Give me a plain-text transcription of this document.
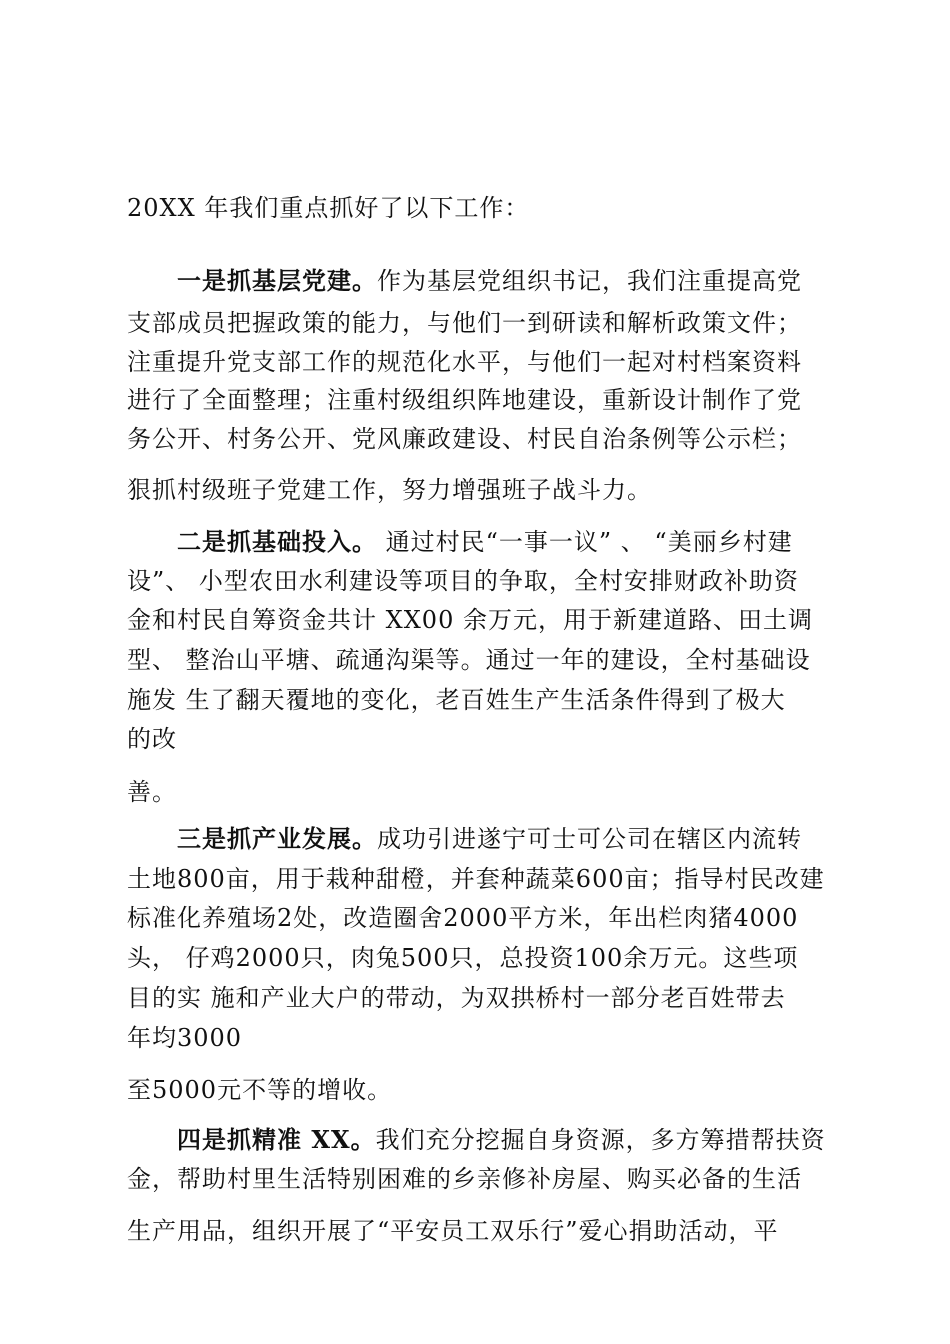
20XX 年我们重点抓好了以下工作：
一是抓基层党建。作为基层党组织书记，我们注重提高党
支部成员把握政策的能力，与他们一到研读和解析政策文件；
注重提升党支部工作的规范化水平，与他们一起对村档案资料
进行了全面整理；注重村级组织阵地建设，重新设计制作了党
务公开、村务公开、党风廉政建设、村民自治条例等公示栏；
狠抓村级班子党建工作，努力增强班子战斗力。
二是抓基础投入。 通过村民“一事一议” 、 “美丽乡村建
设”、 小型农田水利建设等项目的争取，全村安排财政补助资
金和村民自筹资金共计 XX00 余万元，用于新建道路、田土调
型、 整治山平塘、疏通沟渠等。通过一年的建设，全村基础设
施发 生了翻天覆地的变化，老百姓生产生活条件得到了极大
的改
善。
三是抓产业发展。成功引进遂宁可士可公司在辖区内流转
土地800亩，用于栽种甜橙，并套种蔬菜600亩；指导村民改建
标准化养殖场2处，改造圈舍2000平方米，年出栏肉猪4000
头， 仔鸡2000只，肉兔500只，总投资100余万元。这些项
目的实 施和产业大户的带动，为双拱桥村一部分老百姓带去
年均3000
至5000元不等的增收。
四是抓精准 XX。我们充分挖掘自身资源，多方筹措帮扶资
金，帮助村里生活特别困难的乡亲修补房屋、购买必备的生活
生产用品，组织开展了“平安员工双乐行”爱心捐助活动，平
